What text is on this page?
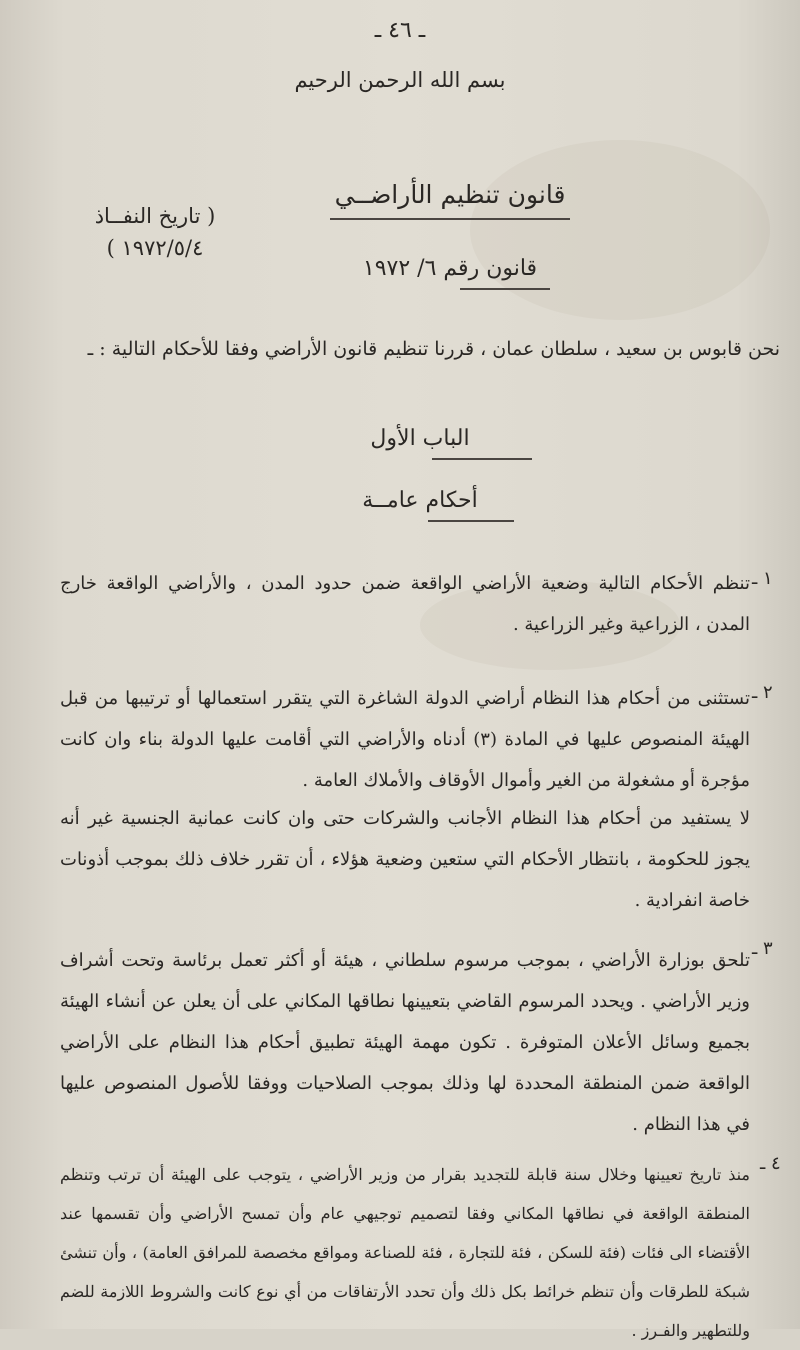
ـ ٤٦ ـ
بسم الله الرحمن الرحيم
قانون تنظيم الأراضــي
قانون رقم ٦/ ١٩٧٢
( تاريخ النفــاذ
١٩٧٢/٥/٤ )
نحن قابوس بن سعيد ، سلطان عمان ، قررنا تنظيم قانون الأراضي وفقا للأحكام التالية : ـ
الباب الأول
أحكام عامــة
١ ـ

تنظم الأحكام التالية وضعية الأراضي الواقعة ضمن حدود المدن ، والأراضي الواقعة خارج المدن ، الزراعية وغير الزراعية .

٢ ـ

تستثنى من أحكام هذا النظام أراضي الدولة الشاغرة التي يتقرر استعمالها أو ترتيبها من قبل الهيئة المنصوص عليها في المادة (٣) أدناه والأراضي التي أقامت عليها الدولة بناء وان كانت مؤجرة أو مشغولة من الغير وأموال الأوقاف والأملاك العامة .

لا يستفيد من أحكام هذا النظام الأجانب والشركات حتى وان كانت عمانية الجنسية غير أنه يجوز للحكومة ، بانتظار الأحكام التي ستعين وضعية هؤلاء ، أن تقرر خلاف ذلك بموجب أذونات خاصة انفرادية .

٣ ـ

تلحق بوزارة الأراضي ، بموجب مرسوم سلطاني ، هيئة أو أكثر تعمل برئاسة وتحت أشراف وزير الأراضي . ويحدد المرسوم القاضي بتعيينها نطاقها المكاني على أن يعلن عن أنشاء الهيئة بجميع وسائل الأعلان المتوفرة . تكون مهمة الهيئة تطبيق أحكام هذا النظام على الأراضي الواقعة ضمن المنطقة المحددة لها وذلك بموجب الصلاحيات ووفقا للأصول المنصوص عليها في هذا النظام .

٤ ـ

منذ تاريخ تعيينها وخلال سنة قابلة للتجديد بقرار من وزير الأراضي ، يتوجب على الهيئة أن ترتب وتنظم المنطقة الواقعة في نطاقها المكاني وفقا لتصميم توجيهي عام وأن تمسح الأراضي وأن تقسمها عند الأقتضاء الى فئات (فئة للسكن ، فئة للتجارة ، فئة للصناعة ومواقع مخصصة للمرافق العامة) ، وأن تنشئ شبكة للطرقات وأن تنظم خرائط بكل ذلك وأن تحدد الأرتفاقات من أي نوع كانت والشروط اللازمة للضم وللتطهير والفـرز .
